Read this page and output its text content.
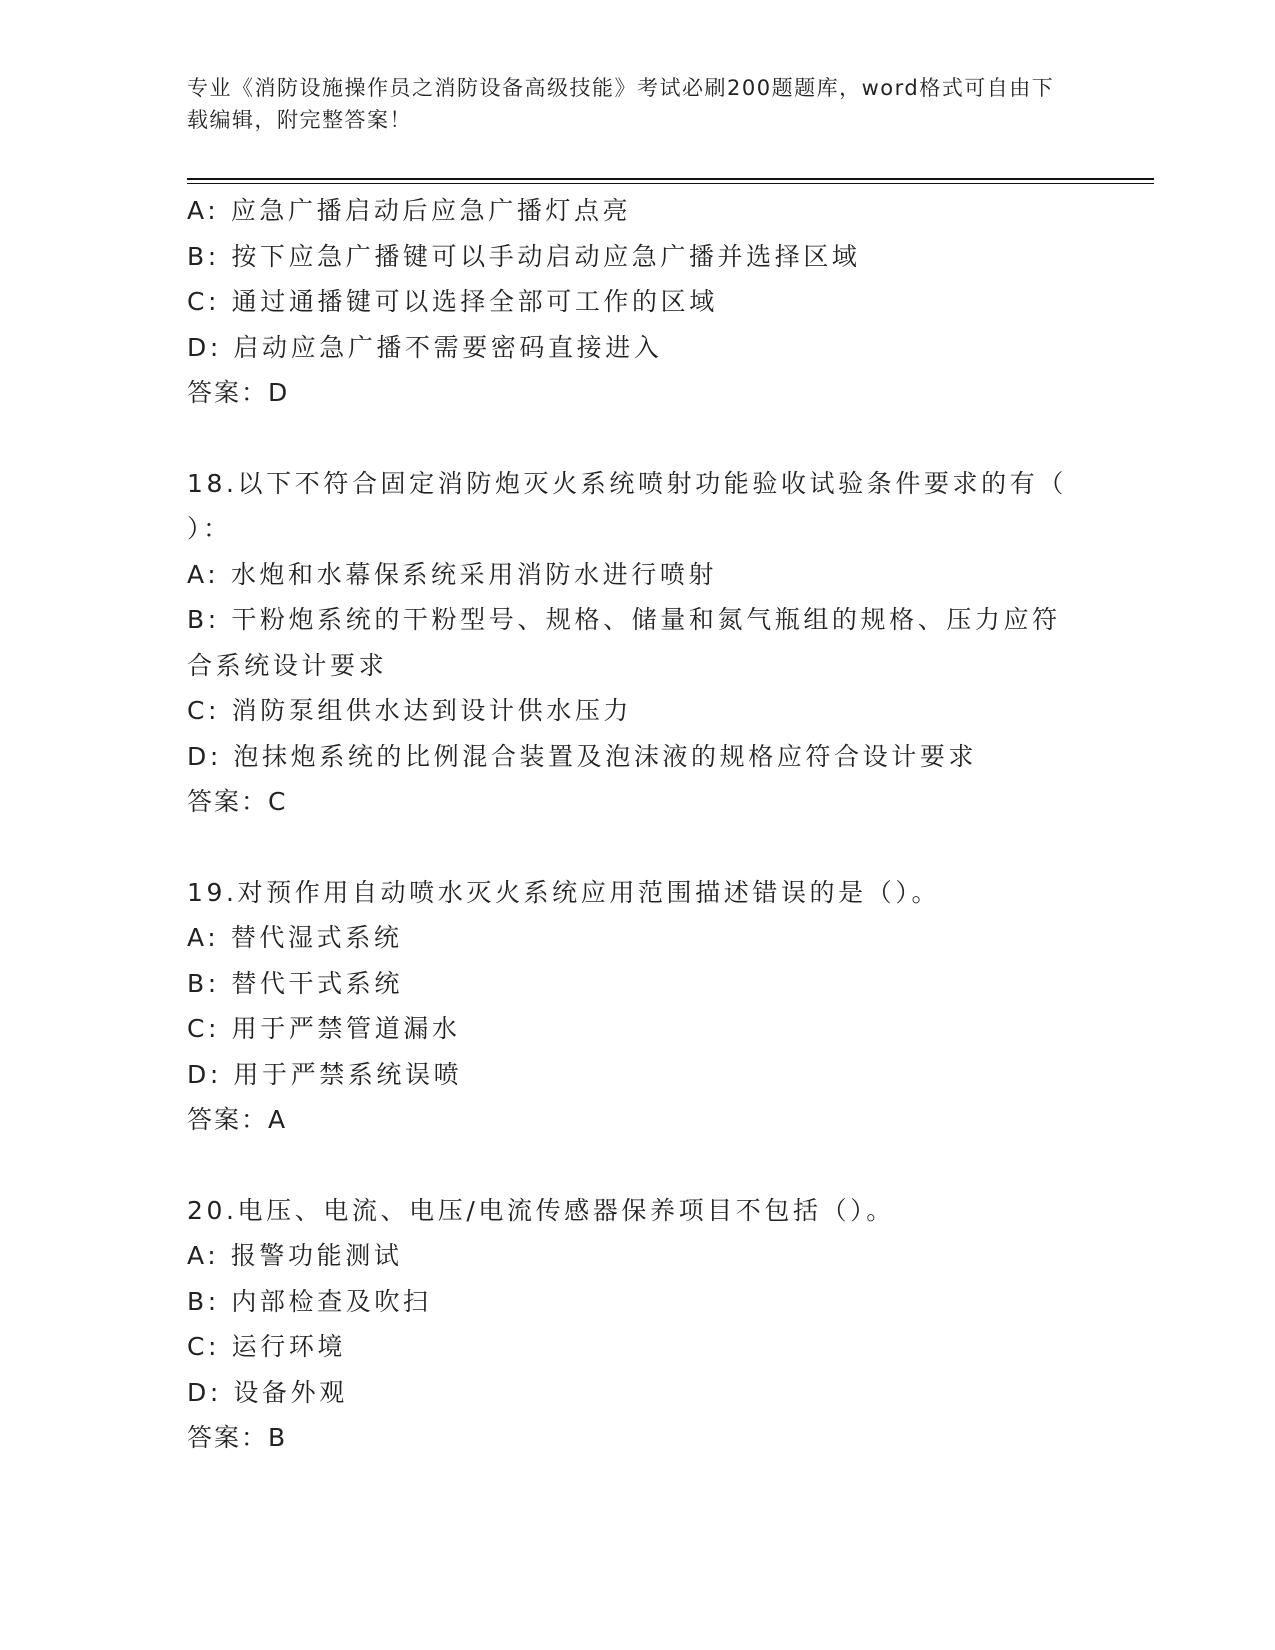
专业《消防设施操作员之消防设备高级技能》考试必刷200题题库，word格式可自由下载编辑，附完整答案！
A: 应急广播启动后应急广播灯点亮
B: 按下应急广播键可以手动启动应急广播并选择区域
C: 通过通播键可以选择全部可工作的区域
D: 启动应急广播不需要密码直接进入
答案：D
18.以下不符合固定消防炮灭火系统喷射功能验收试验条件要求的有（
）：
A: 水炮和水幕保系统采用消防水进行喷射
B: 干粉炮系统的干粉型号、规格、储量和氮气瓶组的规格、压力应符
合系统设计要求
C: 消防泵组供水达到设计供水压力
D: 泡抹炮系统的比例混合装置及泡沫液的规格应符合设计要求
答案：C
19.对预作用自动喷水灭火系统应用范围描述错误的是（）。
A: 替代湿式系统
B: 替代干式系统
C: 用于严禁管道漏水
D: 用于严禁系统误喷
答案：A
20.电压、电流、电压/电流传感器保养项目不包括（）。
A: 报警功能测试
B: 内部检查及吹扫
C: 运行环境
D: 设备外观
答案：B
